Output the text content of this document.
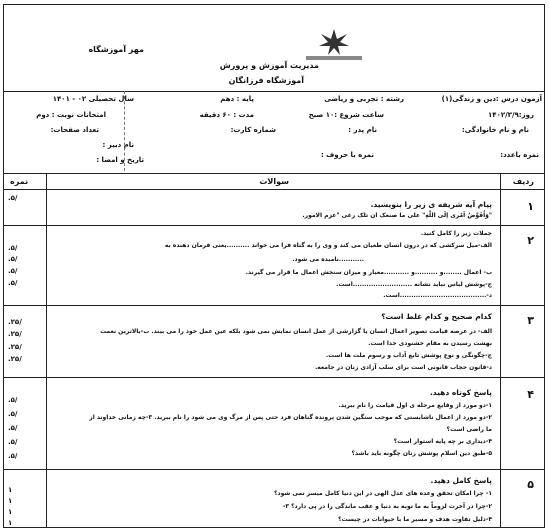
مهر آموزشگاه
مدیریت آموزش و پرورش
آموزشگاه فرزانگان
سال تحصیلی ۰۲ - ۱۴۰۱	پایه : دهم	رشته : تجربی و ریاضی	آزمون درس :دین و زندگی(۱)
امتحانات نوبت : دوم	مدت : ۶۰ دقیقه	ساعت شروع :۱۰ صبح	روز:۱۴۰۲/۳/۹
تعداد صفحات:	شماره کارت:	نام پدر :	نام و نام خانوادگی:
نام دبیر :
نمره با حروف :	نمره باعدد:
تاریخ و امضا :
ردیف
سوالات
نمره
۱
پیام آیه شریفه ی زیر را بنویسید.
"وَاُفَوِّضُ اَمْری اِلَى اللّهِ" علی ما صنعک ان تلک رغی "عزم الامور.
.۵/
۲
جملات زیر را کامل کنید.
الف-میل سرکشی که در درون انسان طغیان می کند و وی را به گناه فرا می خواند ..........یعنی فرمان دهنده به
...........نامیده می شود.
ب- اعمال ........و ..........و ...........معیار و میزان سنجش اعمال ما قرار می گیرند.
ج-پوشش لباس نباید نشانه ..........................است.
د-......................................است.
.۵/
.۵/
.۵/
.۵/
۳
کدام صحیح و کدام غلط است؟
الف- در عرصه قیامت تصویر اعمال انسان یا گزارشی از عمل انسان نمایش نمی شود بلکه عین عمل خود را می بیند. ب-بالاترین نعمت
بهشت رسیدن به مقام خشنودی خدا است.
ج-چگونگی و نوع پوشش تابع آداب و رسوم ملت ها است.
د-قانون حجاب قانونی است برای سلب آزادی زنان در جامعه.
.۲۵/
.۲۵/
.۲۵/
.۲۵/
۴
پاسخ کوتاه دهید.
۱-دو مورد از وقایع مرحله ی اول قیامت را نام ببرید.
۲-دو مورد از اعمال ناشایستی که موجب سنگین شدن پرونده گناهان فرد حتی پس از مرگ وی می شود را نام ببرید. ۳-چه زمانی خداوند از
ما راضی است؟
۴-دیداری بر چه پایه استوار است؟
۵-طبق دین اسلام پوشش زنان چگونه باید باشد؟
.۵/
.۵/
.۵/
.۵/
.۵/
۵
پاسخ کامل دهید.
۱- چرا امکان تحقق وعده های عدل الهی در این دنیا کامل میسر نمی شود؟
۲-چرا در آخرت لزوماً به ما توبه به دنیا و عقب ماندگی را در پی دارد؟ ۳-
۴-دلیل تفاوت هدف و مسیر ما با حیوانات در چیست؟
۱
۱
۱
۱
